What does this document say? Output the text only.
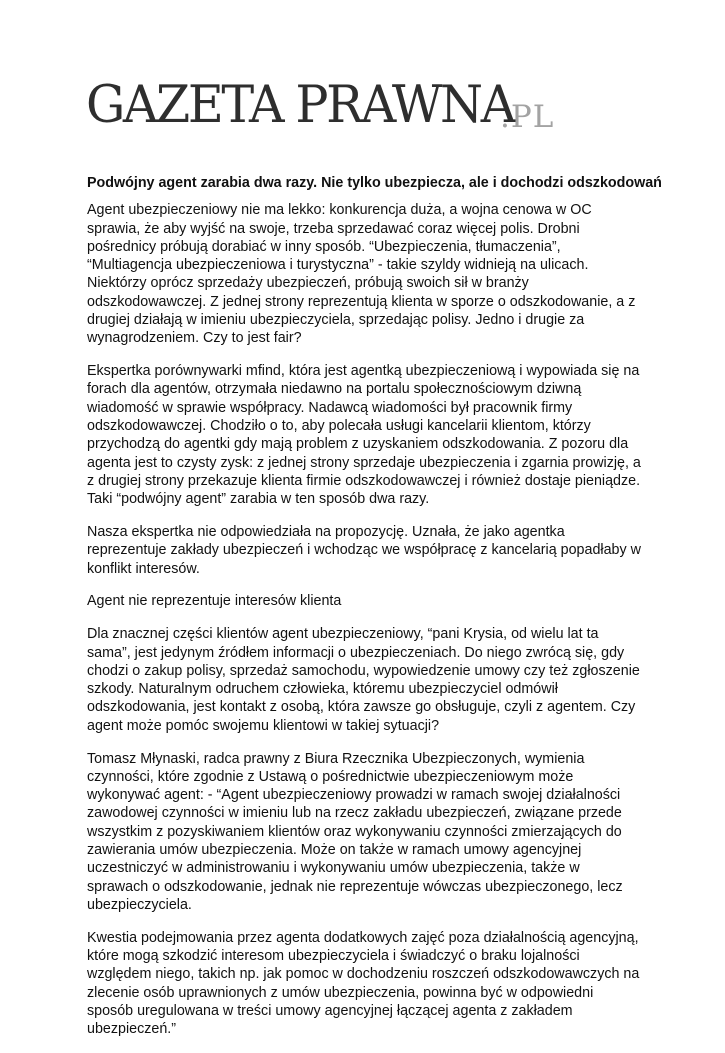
GAZETA PRAWNA
.PL

Podwójny agent zarabia dwa razy. Nie tylko ubezpiecza, ale i dochodzi odszkodowań

Agent ubezpieczeniowy nie ma lekko: konkurencja duża, a wojna cenowa w OC sprawia, że aby wyjść na swoje, trzeba sprzedawać coraz więcej polis. Drobni pośrednicy próbują dorabiać w inny sposób. “Ubezpieczenia, tłumaczenia”, “Multiagencja ubezpieczeniowa i turystyczna” - takie szyldy widnieją na ulicach. Niektórzy oprócz sprzedaży ubezpieczeń, próbują swoich sił w branży odszkodowawczej. Z jednej strony reprezentują klienta w sporze o odszkodowanie, a z drugiej działają w imieniu ubezpieczyciela, sprzedając polisy. Jedno i drugie za wynagrodzeniem. Czy to jest fair?

Ekspertka porównywarki mfind, która jest agentką ubezpieczeniową i wypowiada się na forach dla agentów, otrzymała niedawno na portalu społecznościowym dziwną wiadomość w sprawie współpracy. Nadawcą wiadomości był pracownik firmy odszkodowawczej. Chodziło o to, aby polecała usługi kancelarii klientom, którzy przychodzą do agentki gdy mają problem z uzyskaniem odszkodowania. Z pozoru dla agenta jest to czysty zysk: z jednej strony sprzedaje ubezpieczenia i zgarnia prowizję, a z drugiej strony przekazuje klienta firmie odszkodowawczej i również dostaje pieniądze. Taki “podwójny agent” zarabia w ten sposób dwa razy.

Nasza ekspertka nie odpowiedziała na propozycję. Uznała, że jako agentka reprezentuje zakłady ubezpieczeń i wchodząc we współpracę z kancelarią popadłaby w konflikt interesów.

Agent nie reprezentuje interesów klienta

Dla znacznej części klientów agent ubezpieczeniowy, “pani Krysia, od wielu lat ta sama”, jest jedynym źródłem informacji o ubezpieczeniach. Do niego zwrócą się, gdy chodzi o zakup polisy, sprzedaż samochodu, wypowiedzenie umowy czy też zgłoszenie szkody. Naturalnym odruchem człowieka, któremu ubezpieczyciel odmówił odszkodowania, jest kontakt z osobą, która zawsze go obsługuje, czyli z agentem. Czy agent może pomóc swojemu klientowi w takiej sytuacji?

Tomasz Młynaski, radca prawny z Biura Rzecznika Ubezpieczonych, wymienia czynności, które zgodnie z Ustawą o pośrednictwie ubezpieczeniowym może wykonywać agent: - “Agent ubezpieczeniowy prowadzi w ramach swojej działalności zawodowej czynności w imieniu lub na rzecz zakładu ubezpieczeń, związane przede wszystkim z pozyskiwaniem klientów oraz wykonywaniu czynności zmierzających do zawierania umów ubezpieczenia. Może on także w ramach umowy agencyjnej uczestniczyć w administrowaniu i wykonywaniu umów ubezpieczenia, także w sprawach o odszkodowanie, jednak nie reprezentuje wówczas ubezpieczonego, lecz ubezpieczyciela.

Kwestia podejmowania przez agenta dodatkowych zajęć poza działalnością agencyjną, które mogą szkodzić interesom ubezpieczyciela i świadczyć o braku lojalności względem niego, takich np. jak pomoc w dochodzeniu roszczeń odszkodowawczych na zlecenie osób uprawnionych z umów ubezpieczenia, powinna być w odpowiedni sposób uregulowana w treści umowy agencyjnej łączącej agenta z zakładem ubezpieczeń.”
